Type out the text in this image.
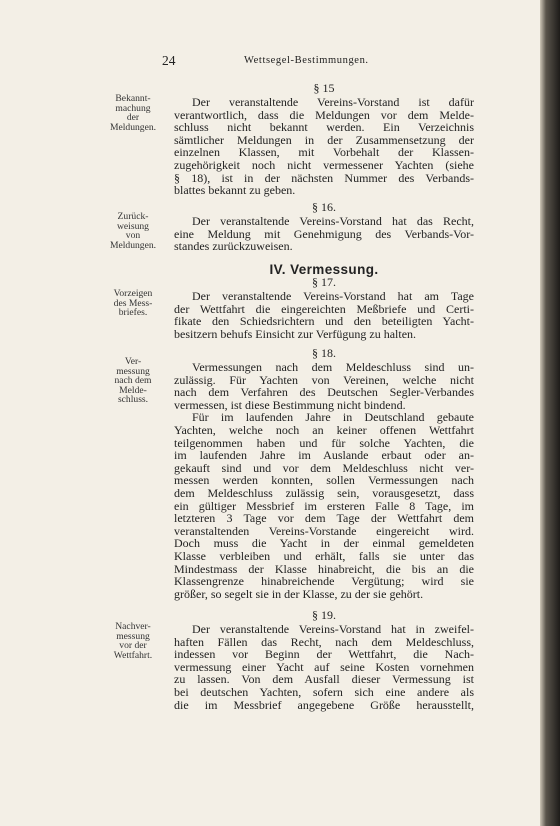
24	Wettsegel-Bestimmungen.
§ 15
Bekannt-
machung
der
Meldungen.
Der veranstaltende Vereins-Vorstand ist dafür
verantwortlich, dass die Meldungen vor dem Melde-
schluss nicht bekannt werden. Ein Verzeichnis
sämtlicher Meldungen in der Zusammensetzung der
einzelnen Klassen, mit Vorbehalt der Klassen-
zugehörigkeit noch nicht vermessener Yachten (siehe
§ 18), ist in der nächsten Nummer des Verbands-
blattes bekannt zu geben.
§ 16.
Zurück-
weisung
von
Meldungen.
Der veranstaltende Vereins-Vorstand hat das Recht,
eine Meldung mit Genehmigung des Verbands-Vor-
standes zurückzuweisen.
IV. Vermessung.
§ 17.
Vorzeigen
des Mess-
briefes.
Der veranstaltende Vereins-Vorstand hat am Tage
der Wettfahrt die eingereichten Meßbriefe und Certi-
fikate den Schiedsrichtern und den beteiligten Yacht-
besitzern behufs Einsicht zur Verfügung zu halten.
§ 18.
Ver-
messung
nach dem
Melde-
schluss.
Vermessungen nach dem Meldeschluss sind un-
zulässig. Für Yachten von Vereinen, welche nicht
nach dem Verfahren des Deutschen Segler-Verbandes
vermessen, ist diese Bestimmung nicht bindend.
Für im laufenden Jahre in Deutschland gebaute
Yachten, welche noch an keiner offenen Wettfahrt
teilgenommen haben und für solche Yachten, die
im laufenden Jahre im Auslande erbaut oder an-
gekauft sind und vor dem Meldeschluss nicht ver-
messen werden konnten, sollen Vermessungen nach
dem Meldeschluss zulässig sein, vorausgesetzt, dass
ein gültiger Messbrief im ersteren Falle 8 Tage, im
letzteren 3 Tage vor dem Tage der Wettfahrt dem
veranstaltenden Vereins-Vorstande eingereicht wird.
Doch muss die Yacht in der einmal gemeldeten
Klasse verbleiben und erhält, falls sie unter das
Mindestmass der Klasse hinabreicht, die bis an die
Klassengrenze hinabreichende Vergütung; wird sie
größer, so segelt sie in der Klasse, zu der sie gehört.
§ 19.
Nachver-
messung
vor der
Wettfahrt.
Der veranstaltende Vereins-Vorstand hat in zweifel-
haften Fällen das Recht, nach dem Meldeschluss,
indessen vor Beginn der Wettfahrt, die Nach-
vermessung einer Yacht auf seine Kosten vornehmen
zu lassen. Von dem Ausfall dieser Vermessung ist
bei deutschen Yachten, sofern sich eine andere als
die im Messbrief angegebene Größe herausstellt,
